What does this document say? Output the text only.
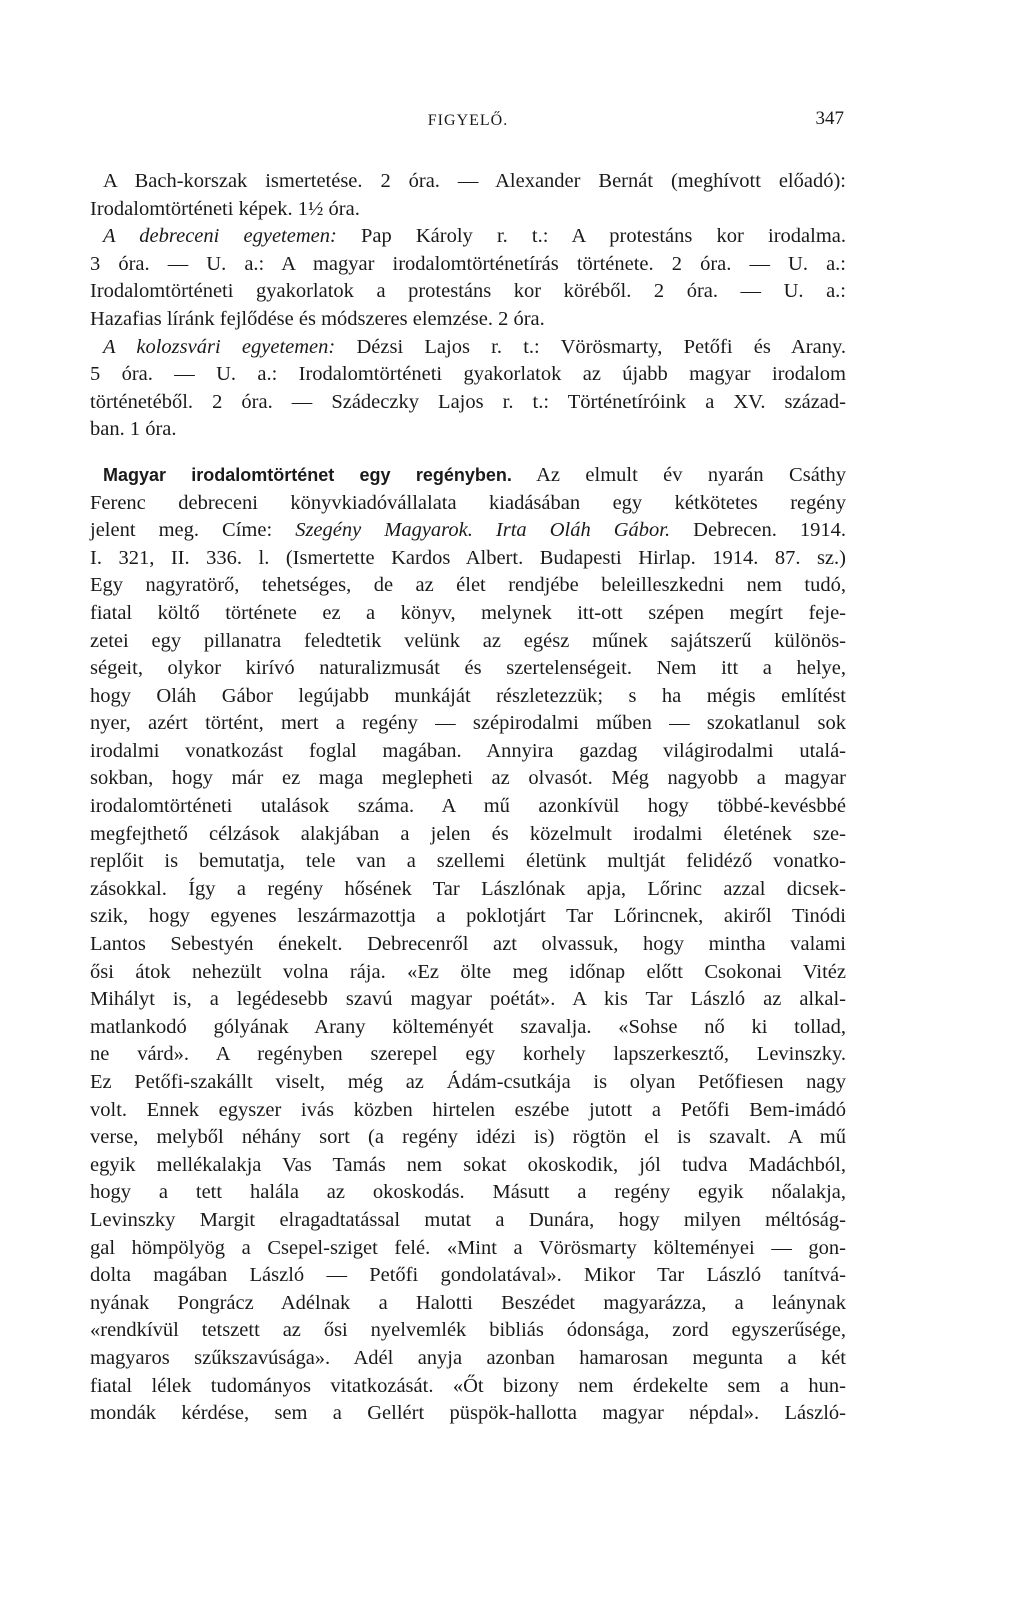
FIGYELŐ.	347
A Bach-korszak ismertetése. 2 óra. — Alexander Bernát (meghívott előadó):
Irodalomtörténeti képek. 1½ óra.
A debreceni egyetemen: Pap Károly r. t.: A protestáns kor irodalma.
3 óra. — U. a.: A magyar irodalomtörténetírás története. 2 óra. — U. a.:
Irodalomtörténeti gyakorlatok a protestáns kor köréből. 2 óra. — U. a.:
Hazafias líránk fejlődése és módszeres elemzése. 2 óra.
A kolozsvári egyetemen: Dézsi Lajos r. t.: Vörösmarty, Petőfi és Arany.
5 óra. — U. a.: Irodalomtörténeti gyakorlatok az újabb magyar irodalom
történetéből. 2 óra. — Szádeczky Lajos r. t.: Történetíróink a XV. század-
ban. 1 óra.
Magyar irodalomtörténet egy regényben. Az elmult év nyarán Csáthy
Ferenc debreceni könyvkiadóvállalata kiadásában egy kétkötetes regény
jelent meg. Címe: Szegény Magyarok. Irta Oláh Gábor. Debrecen. 1914.
I. 321, II. 336. l. (Ismertette Kardos Albert. Budapesti Hirlap. 1914. 87. sz.)
Egy nagyratörő, tehetséges, de az élet rendjébe beleilleszkedni nem tudó,
fiatal költő története ez a könyv, melynek itt-ott szépen megírt feje-
zetei egy pillanatra feledtetik velünk az egész műnek sajátszerű különös-
ségeit, olykor kirívó naturalizmusát és szertelenségeit. Nem itt a helye,
hogy Oláh Gábor legújabb munkáját részletezzük; s ha mégis említést
nyer, azért történt, mert a regény — szépirodalmi műben — szokatlanul sok
irodalmi vonatkozást foglal magában. Annyira gazdag világirodalmi utalá-
sokban, hogy már ez maga meglepheti az olvasót. Még nagyobb a magyar
irodalomtörténeti utalások száma. A mű azonkívül hogy többé-kevésbbé
megfejthető célzások alakjában a jelen és közelmult irodalmi életének sze-
replőit is bemutatja, tele van a szellemi életünk multját felidéző vonatko-
zásokkal. Így a regény hősének Tar Lászlónak apja, Lőrinc azzal dicsek-
szik, hogy egyenes leszármazottja a poklotjárt Tar Lőrincnek, akiről Tinódi
Lantos Sebestyén énekelt. Debrecenről azt olvassuk, hogy mintha valami
ősi átok nehezült volna rája. «Ez ölte meg időnap előtt Csokonai Vitéz
Mihályt is, a legédesebb szavú magyar poétát». A kis Tar László az alkal-
matlankodó gólyának Arany költeményét szavalja. «Sohse nő ki tollad,
ne várd». A regényben szerepel egy korhely lapszerkesztő, Levinszky.
Ez Petőfi-szakállt viselt, még az Ádám-csutkája is olyan Petőfiesen nagy
volt. Ennek egyszer ivás közben hirtelen eszébe jutott a Petőfi Bem-imádó
verse, melyből néhány sort (a regény idézi is) rögtön el is szavalt. A mű
egyik mellékalakja Vas Tamás nem sokat okoskodik, jól tudva Madáchból,
hogy a tett halála az okoskodás. Másutt a regény egyik nőalakja,
Levinszky Margit elragadtatással mutat a Dunára, hogy milyen méltóság-
gal hömpölyög a Csepel-sziget felé. «Mint a Vörösmarty költeményei — gon-
dolta magában László — Petőfi gondolatával». Mikor Tar László tanítvá-
nyának Pongrácz Adélnak a Halotti Beszédet magyarázza, a leánynak
«rendkívül tetszett az ősi nyelvemlék bibliás ódonsága, zord egyszerűsége,
magyaros szűkszavúsága». Adél anyja azonban hamarosan megunta a két
fiatal lélek tudományos vitatkozását. «Őt bizony nem érdekelte sem a hun-
mondák kérdése, sem a Gellért püspök-hallotta magyar népdal». László-
